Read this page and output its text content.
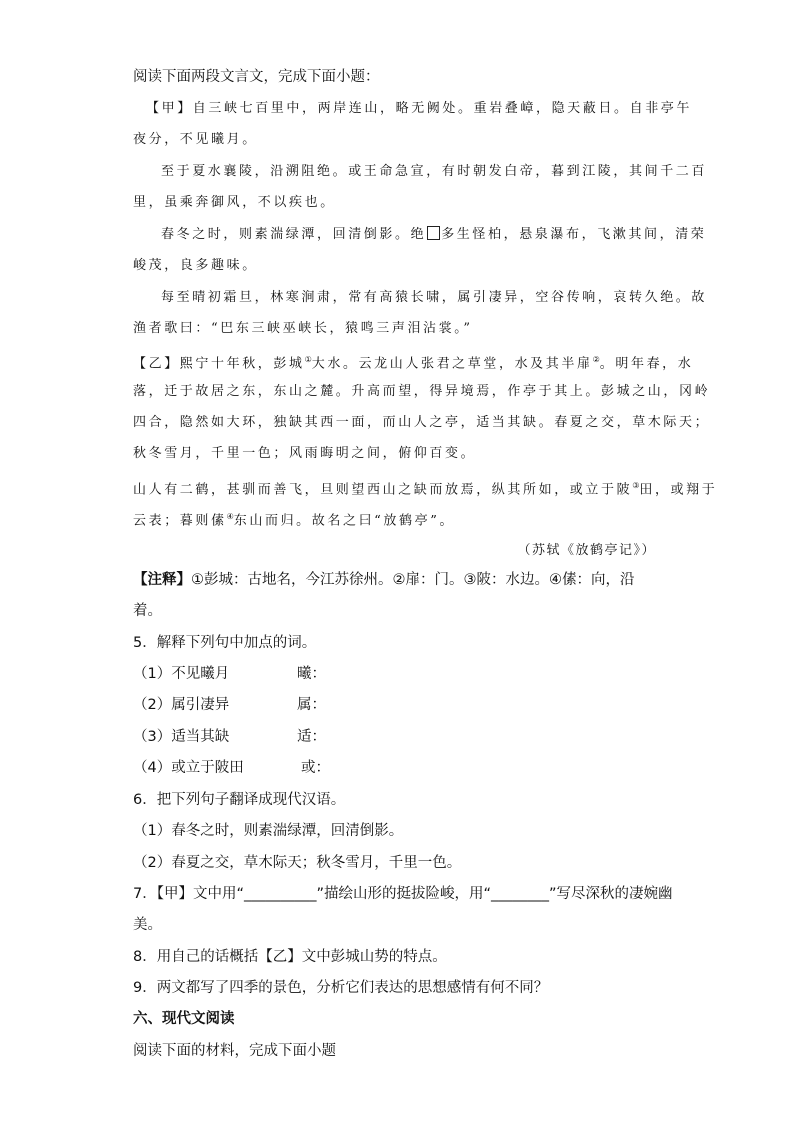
阅读下面两段文言文，完成下面小题：
【甲】自三峡七百里中，两岸连山，略无阙处。重岩叠嶂，隐天蔽日。自非亭午
夜分，不见曦月。
至于夏水襄陵，沿溯阻绝。或王命急宣，有时朝发白帝，暮到江陵，其间千二百
里，虽乘奔御风，不以疾也。
春冬之时，则素湍绿潭，回清倒影。绝 多生怪柏，悬泉瀑布，飞漱其间，清荣
峻茂，良多趣味。
每至晴初霜旦，林寒涧肃，常有高猿长啸，属引凄异，空谷传响，哀转久绝。故
渔者歌曰：“巴东三峡巫峡长，猿鸣三声泪沾裳。”
【乙】熙宁十年秋，彭城①大水。云龙山人张君之草堂，水及其半扉②。明年春，水
落，迁于故居之东，东山之麓。升高而望，得异境焉，作亭于其上。彭城之山，冈岭
四合，隐然如大环，独缺其西一面，而山人之亭，适当其缺。春夏之交，草木际天；
秋冬雪月，千里一色；风雨晦明之间，俯仰百变。
山人有二鹤，甚驯而善飞，旦则望西山之缺而放焉，纵其所如，或立于陂③田，或翔于
云表；暮则傃④东山而归。故名之曰“放鹤亭”。
（苏轼《放鹤亭记》）
【注释】①彭城：古地名，今江苏徐州。②扉：门。③陂：水边。④傃：向，沿
着。
5．解释下列句中加点的词。
（1）不见曦月	曦：
（2）属引凄异	属：
（3）适当其缺	适：
（4）或立于陂田	或：
6．把下列句子翻译成现代汉语。
（1）春冬之时，则素湍绿潭，回清倒影。
（2）春夏之交，草木际天；秋冬雪月，千里一色。
7．【甲】文中用“__________”描绘山形的挺拔险峻，用“________”写尽深秋的凄婉幽
美。
8．用自己的话概括【乙】文中彭城山势的特点。
9．两文都写了四季的景色，分析它们表达的思想感情有何不同？
六、现代文阅读
阅读下面的材料，完成下面小题
